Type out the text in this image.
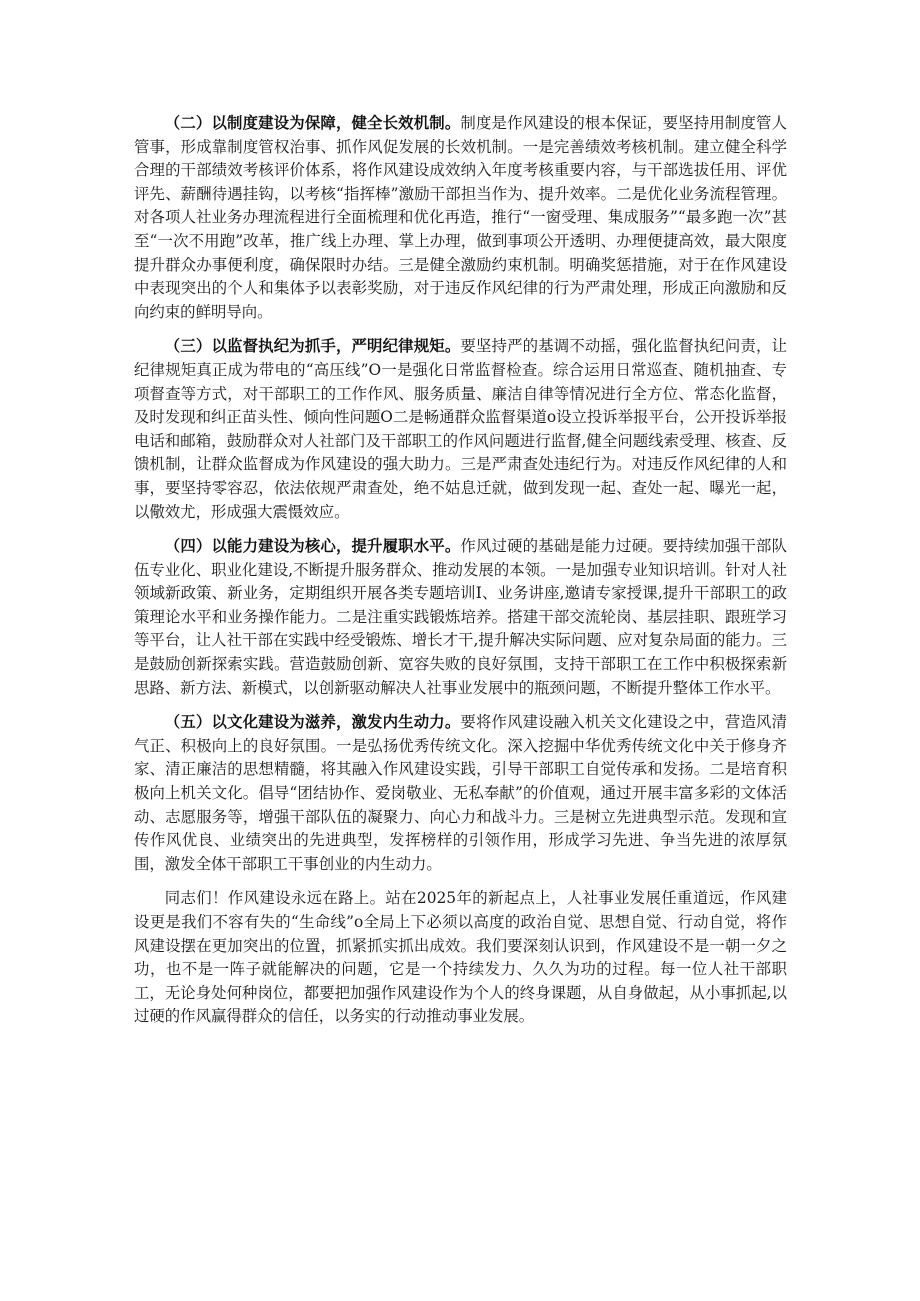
（二）以制度建设为保障，健全长效机制。制度是作风建设的根本保证，要坚持用制度管人管事，形成靠制度管权治事、抓作风促发展的长效机制。一是完善绩效考核机制。建立健全科学合理的干部绩效考核评价体系，将作风建设成效纳入年度考核重要内容，与干部选拔任用、评优评先、薪酬待遇挂钩，以考核“指挥棒”激励干部担当作为、提升效率。二是优化业务流程管理。对各项人社业务办理流程进行全面梳理和优化再造，推行“一窗受理、集成服务”“最多跑一次”甚至“一次不用跑”改革，推广线上办理、掌上办理，做到事项公开透明、办理便捷高效，最大限度提升群众办事便利度，确保限时办结。三是健全激励约束机制。明确奖惩措施，对于在作风建设中表现突出的个人和集体予以表彰奖励，对于违反作风纪律的行为严肃处理，形成正向激励和反向约束的鲜明导向。

（三）以监督执纪为抓手，严明纪律规矩。要坚持严的基调不动摇，强化监督执纪问责，让纪律规矩真正成为带电的“高压线”O一是强化日常监督检查。综合运用日常巡查、随机抽查、专项督查等方式，对干部职工的工作作风、服务质量、廉洁自律等情况进行全方位、常态化监督，及时发现和纠正苗头性、倾向性问题O二是畅通群众监督渠道o设立投诉举报平台，公开投诉举报电话和邮箱，鼓励群众对人社部门及干部职工的作风问题进行监督,健全问题线索受理、核查、反馈机制，让群众监督成为作风建设的强大助力。三是严肃查处违纪行为。对违反作风纪律的人和事，要坚持零容忍，依法依规严肃查处，绝不姑息迁就，做到发现一起、查处一起、曝光一起，以儆效尤，形成强大震慑效应。

（四）以能力建设为核心，提升履职水平。作风过硬的基础是能力过硬。要持续加强干部队伍专业化、职业化建设,不断提升服务群众、推动发展的本领。一是加强专业知识培训。针对人社领域新政策、新业务，定期组织开展各类专题培训I、业务讲座,邀请专家授课,提升干部职工的政策理论水平和业务操作能力。二是注重实践锻炼培养。搭建干部交流轮岗、基层挂职、跟班学习等平台，让人社干部在实践中经受锻炼、增长才干,提升解决实际问题、应对复杂局面的能力。三是鼓励创新探索实践。营造鼓励创新、宽容失败的良好氛围，支持干部职工在工作中积极探索新思路、新方法、新模式，以创新驱动解决人社事业发展中的瓶颈问题，不断提升整体工作水平。

（五）以文化建设为滋养，激发内生动力。要将作风建设融入机关文化建设之中，营造风清气正、积极向上的良好氛围。一是弘扬优秀传统文化。深入挖掘中华优秀传统文化中关于修身齐家、清正廉洁的思想精髓，将其融入作风建设实践，引导干部职工自觉传承和发扬。二是培育积极向上机关文化。倡导“团结协作、爱岗敬业、无私奉献”的价值观，通过开展丰富多彩的文体活动、志愿服务等，增强干部队伍的凝聚力、向心力和战斗力。三是树立先进典型示范。发现和宣传作风优良、业绩突出的先进典型，发挥榜样的引领作用，形成学习先进、争当先进的浓厚氛围，激发全体干部职工干事创业的内生动力。

同志们！作风建设永远在路上。站在2025年的新起点上，人社事业发展任重道远，作风建设更是我们不容有失的“生命线”o全局上下必须以高度的政治自觉、思想自觉、行动自觉，将作风建设摆在更加突出的位置，抓紧抓实抓出成效。我们要深刻认识到，作风建设不是一朝一夕之功，也不是一阵子就能解决的问题，它是一个持续发力、久久为功的过程。每一位人社干部职工，无论身处何种岗位，都要把加强作风建设作为个人的终身课题，从自身做起，从小事抓起,以过硬的作风赢得群众的信任，以务实的行动推动事业发展。
